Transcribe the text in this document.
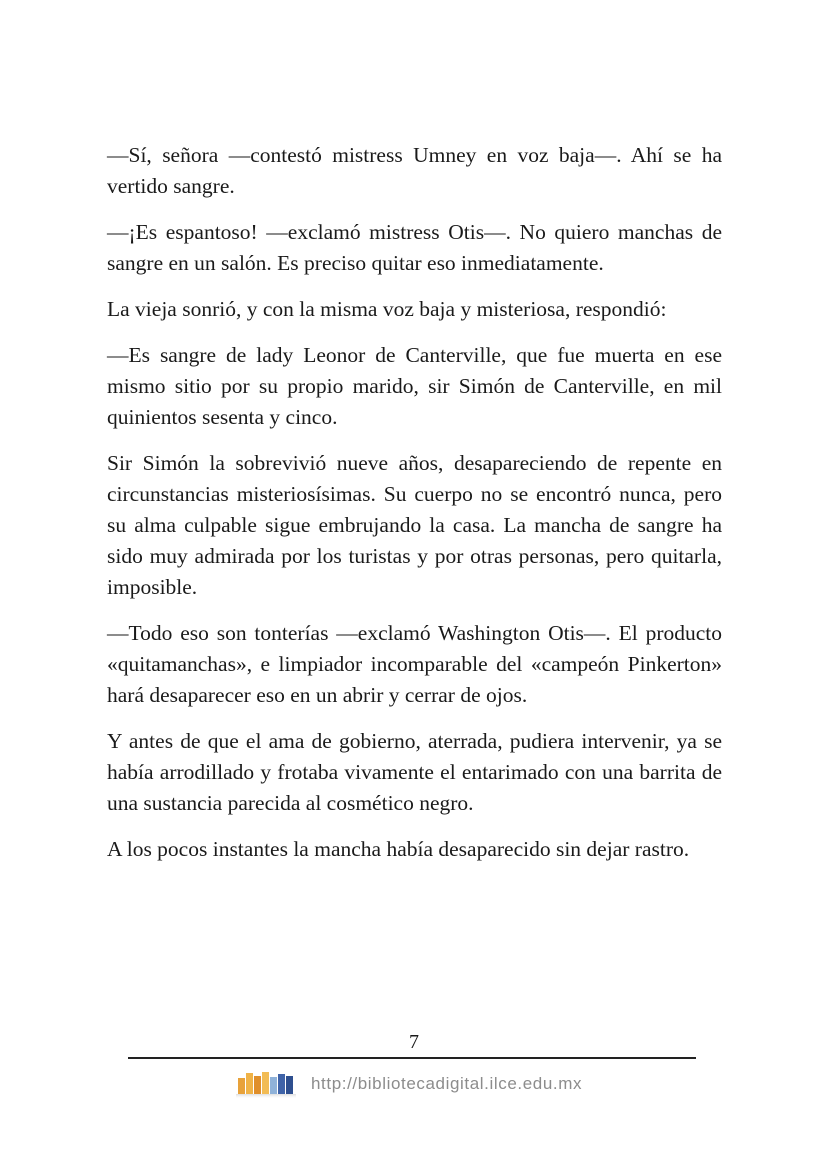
—Sí, señora —contestó mistress Umney en voz baja—. Ahí se ha vertido sangre.

—¡Es espantoso! —exclamó mistress Otis—. No quiero manchas de sangre en un salón. Es preciso quitar eso inmediatamente.

La vieja sonrió, y con la misma voz baja y misteriosa, respondió:

—Es sangre de lady Leonor de Canterville, que fue muerta en ese mismo sitio por su propio marido, sir Simón de Canterville, en mil quinientos sesenta y cinco.

Sir Simón la sobrevivió nueve años, desapareciendo de repente en circunstancias misteriosísimas. Su cuerpo no se encontró nunca, pero su alma culpable sigue embrujando la casa. La mancha de sangre ha sido muy admirada por los turistas y por otras personas, pero quitarla, imposible.

—Todo eso son tonterías —exclamó Washington Otis—. El producto «quitamanchas», e limpiador incomparable del «campeón Pinkerton» hará desaparecer eso en un abrir y cerrar de ojos.

Y antes de que el ama de gobierno, aterrada, pudiera intervenir, ya se había arrodillado y frotaba vivamente el entarimado con una barrita de una sustancia parecida al cosmético negro.

A los pocos instantes la mancha había desaparecido sin dejar rastro.

7
http://bibliotecadigital.ilce.edu.mx
